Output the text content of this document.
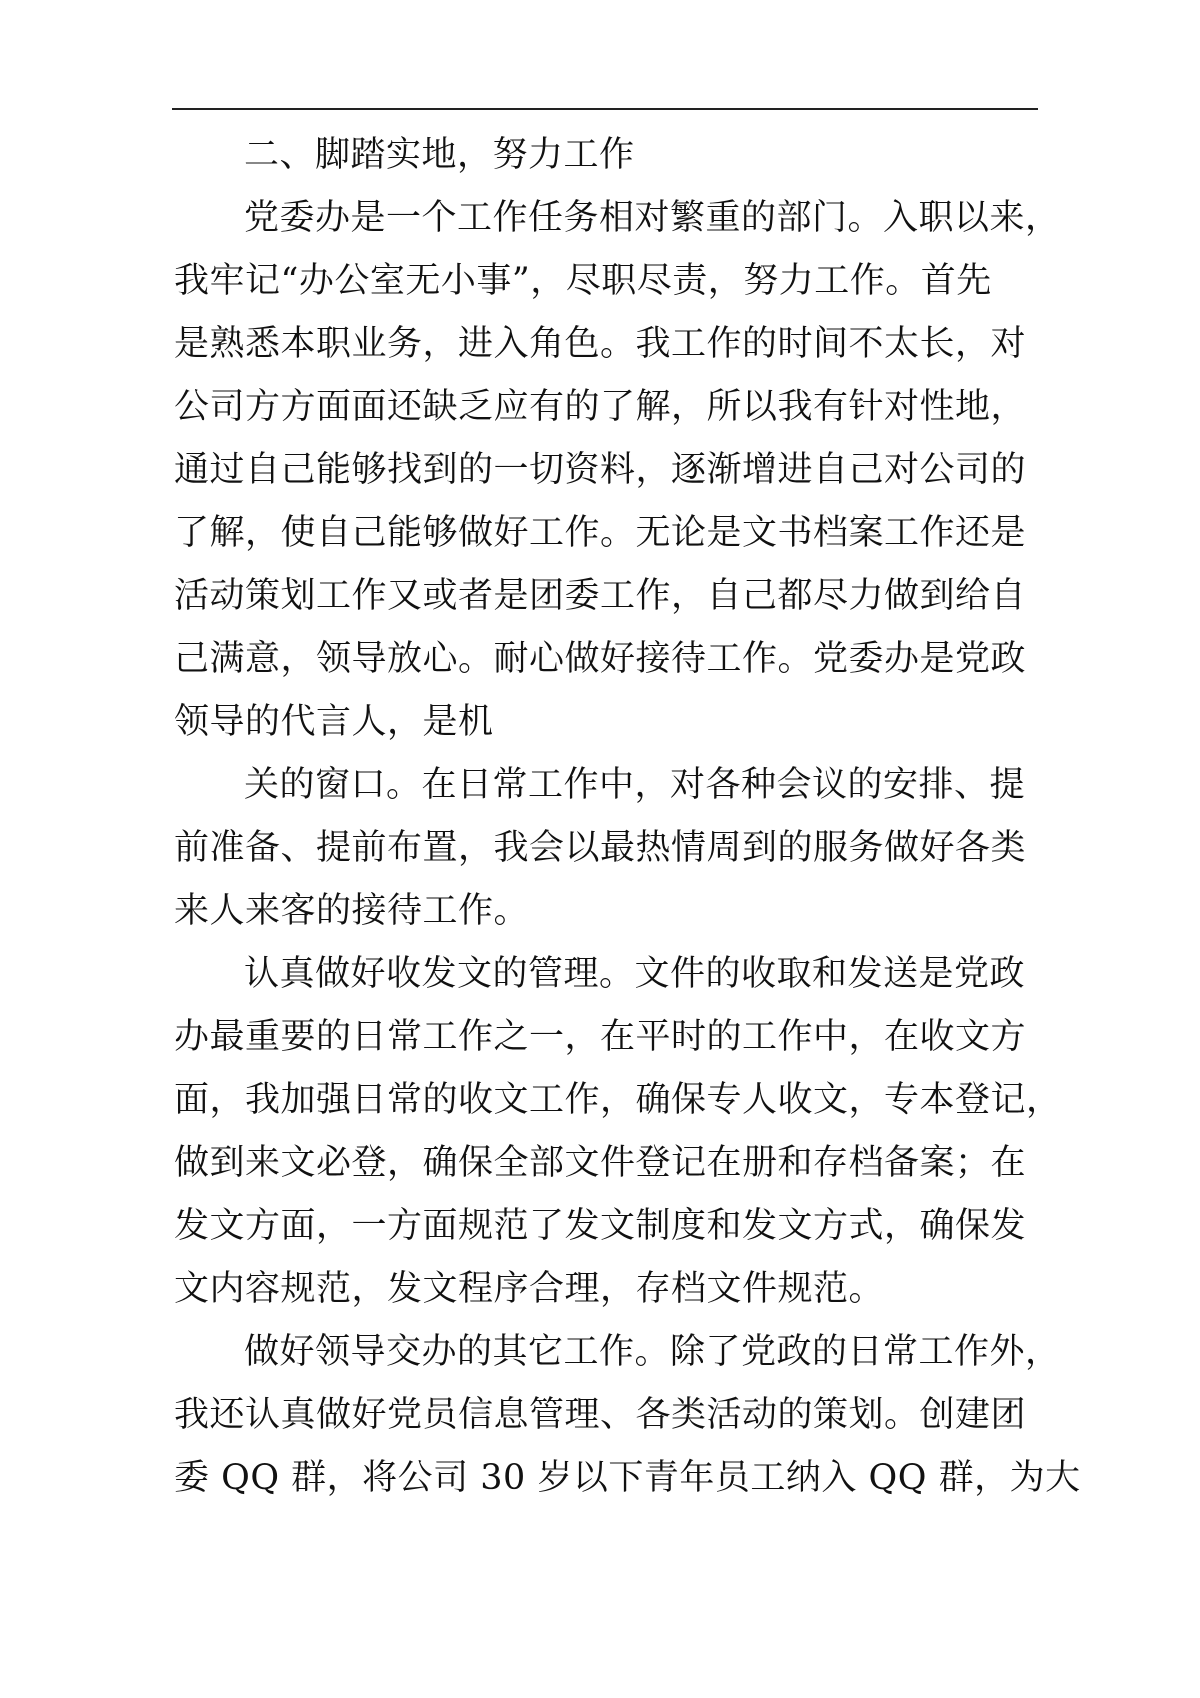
二、脚踏实地，努力工作
党委办是一个工作任务相对繁重的部门。入职以来，
我牢记“办公室无小事”，尽职尽责，努力工作。首先
是熟悉本职业务，进入角色。我工作的时间不太长，对
公司方方面面还缺乏应有的了解，所以我有针对性地，
通过自己能够找到的一切资料，逐渐增进自己对公司的
了解，使自己能够做好工作。无论是文书档案工作还是
活动策划工作又或者是团委工作，自己都尽力做到给自
己满意，领导放心。耐心做好接待工作。党委办是党政
领导的代言人，是机
关的窗口。在日常工作中，对各种会议的安排、提
前准备、提前布置，我会以最热情周到的服务做好各类
来人来客的接待工作。
认真做好收发文的管理。文件的收取和发送是党政
办最重要的日常工作之一，在平时的工作中，在收文方
面，我加强日常的收文工作，确保专人收文，专本登记，
做到来文必登，确保全部文件登记在册和存档备案；在
发文方面，一方面规范了发文制度和发文方式，确保发
文内容规范，发文程序合理，存档文件规范。
做好领导交办的其它工作。除了党政的日常工作外，
我还认真做好党员信息管理、各类活动的策划。创建团
委 QQ 群，将公司 30 岁以下青年员工纳入 QQ 群，为大
